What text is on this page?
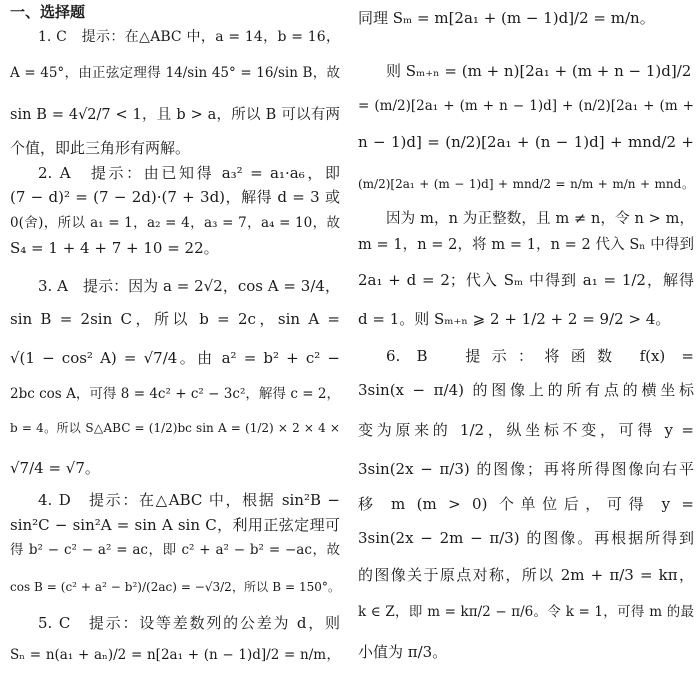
一、选择题
1. C　提示：在△ABC 中，a = 14，b = 16，
A = 45°，由正弦定理得 14/sin 45° = 16/sin B，故
sin B = 4√2/7 < 1，且 b > a，所以 B 可以有两
个值，即此三角形有两解。
2. A　提示：由已知得 a₃² = a₁·a₆，即
(7 − d)² = (7 − 2d)·(7 + 3d)，解得 d = 3 或
0(舍)，所以 a₁ = 1，a₂ = 4，a₃ = 7，a₄ = 10，故
S₄ = 1 + 4 + 7 + 10 = 22。
3. A　提示：因为 a = 2√2，cos A = 3/4，
sin B = 2sin C，所以 b = 2c，sin A =
√(1 − cos² A) = √7/4。由 a² = b² + c² −
2bc cos A，可得 8 = 4c² + c² − 3c²，解得 c = 2，
b = 4。所以 S△ABC = (1/2)bc sin A = (1/2) × 2 × 4 ×
√7/4 = √7。
4. D　提示：在△ABC 中，根据 sin²B −
sin²C − sin²A = sin A sin C，利用正弦定理可
得 b² − c² − a² = ac，即 c² + a² − b² = −ac，故
cos B = (c² + a² − b²)/(2ac) = −√3/2，所以 B = 150°。
5. C　提示：设等差数列的公差为 d，则
Sₙ = n(a₁ + aₙ)/2 = n[2a₁ + (n − 1)d]/2 = n/m，
同理 Sₘ = m[2a₁ + (m − 1)d]/2 = m/n。
则 Sₘ₊ₙ = (m + n)[2a₁ + (m + n − 1)d]/2
= (m/2)[2a₁ + (m + n − 1)d] + (n/2)[2a₁ + (m +
n − 1)d] = (n/2)[2a₁ + (n − 1)d] + mnd/2 +
(m/2)[2a₁ + (m − 1)d] + mnd/2 = n/m + m/n + mnd。
因为 m，n 为正整数，且 m ≠ n，令 n > m，
m = 1，n = 2，将 m = 1，n = 2 代入 Sₙ 中得到
2a₁ + d = 2；代入 Sₘ 中得到 a₁ = 1/2，解得
d = 1。则 Sₘ₊ₙ ⩾ 2 + 1/2 + 2 = 9/2 > 4。
6. B　提示：将函数 f(x) =
3sin(x − π/4) 的图像上的所有点的横坐标
变为原来的 1/2，纵坐标不变，可得 y =
3sin(2x − π/3) 的图像；再将所得图像向右平
移 m (m > 0) 个单位后，可得 y =
3sin(2x − 2m − π/3) 的图像。再根据所得到
的图像关于原点对称，所以 2m + π/3 = kπ，
k ∈ Z，即 m = kπ/2 − π/6。令 k = 1，可得 m 的最
小值为 π/3。
